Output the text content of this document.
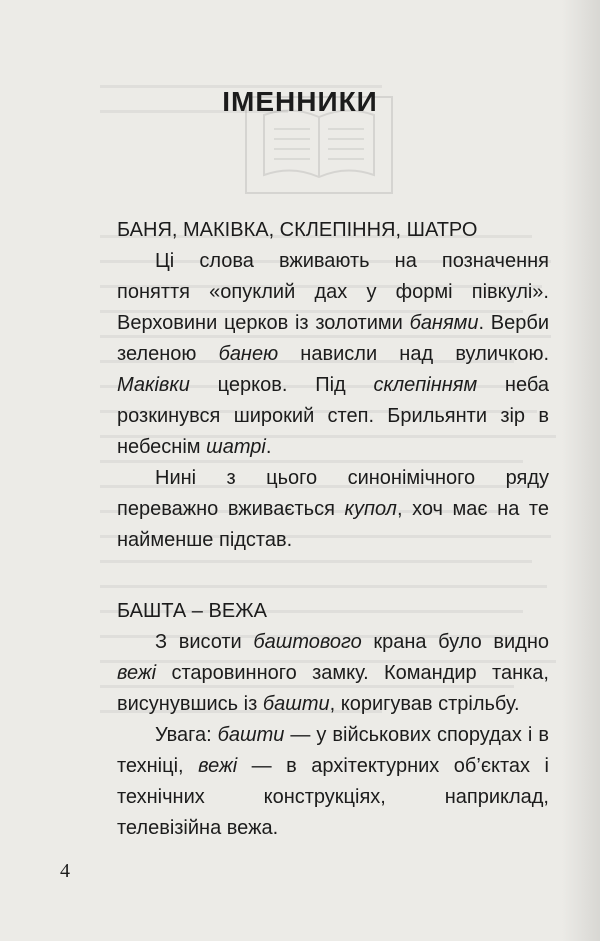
ІМЕННИКИ

БАНЯ, МАКІВКА, СКЛЕПІННЯ, ШАТРО

Ці слова вживають на позначення поняття «опуклий дах у формі півкулі». Верховини церков із золотими банями. Верби зеленою банею нависли над вуличкою. Маківки церков. Під склепінням неба розкинувся широкий степ. Брильянти зір в небеснім шатрі.

Нині з цього синонімічного ряду переважно вживається купол, хоч має на те найменше підстав.

БАШТА – ВЕЖА

З висоти баштового крана було видно вежі старовинного замку. Командир танка, висунувшись із башти, коригував стрільбу.

Увага: башти — у військових спорудах і в техніці, вежі — в архітектурних об’єктах і технічних конструкціях, наприклад, телевізійна вежа.

4
